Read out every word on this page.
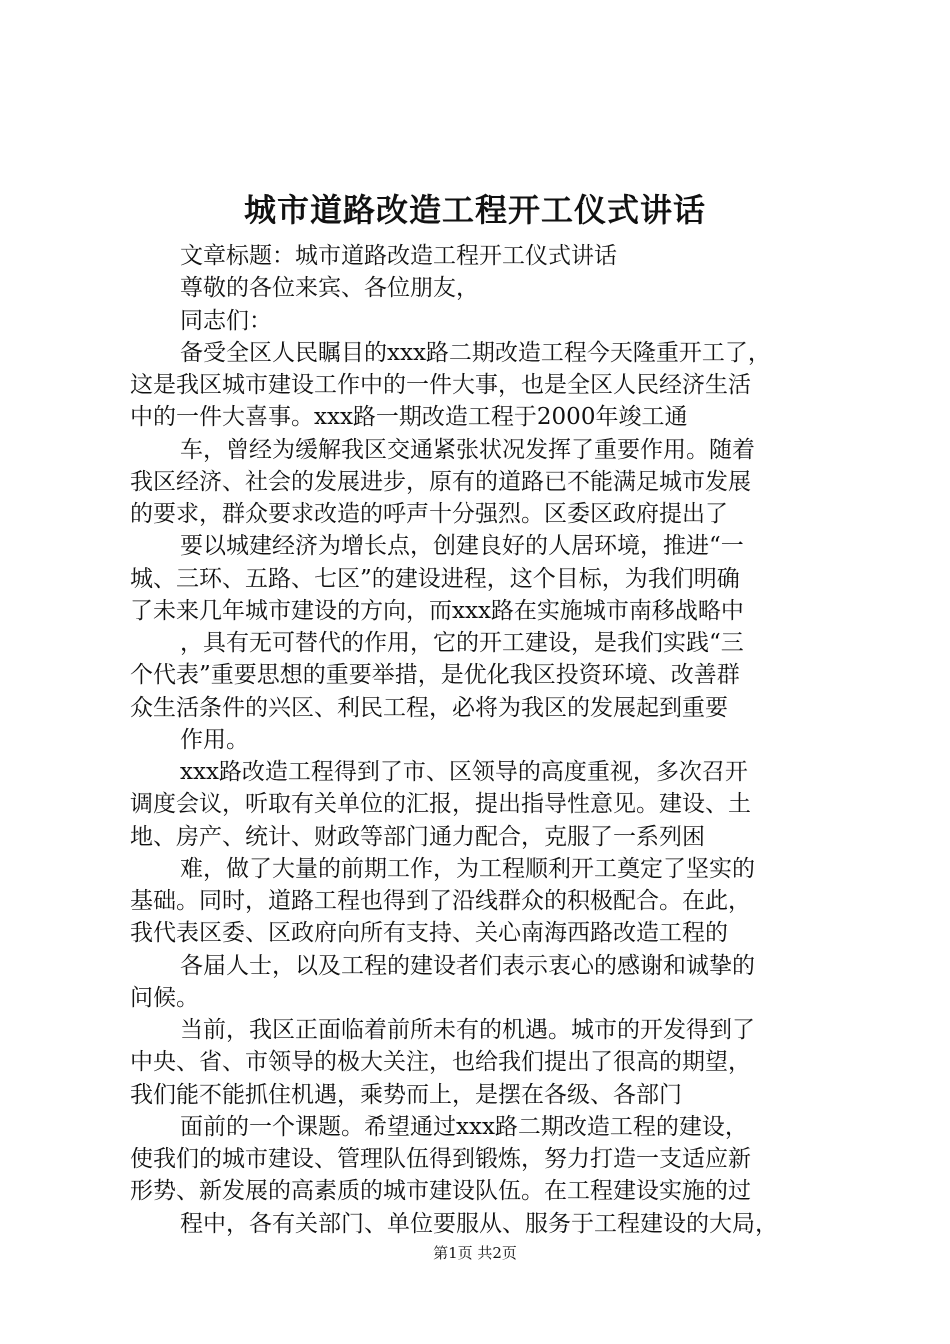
城市道路改造工程开工仪式讲话
文章标题：城市道路改造工程开工仪式讲话
尊敬的各位来宾、各位朋友，
同志们：
备受全区人民瞩目的xxx路二期改造工程今天隆重开工了，
这是我区城市建设工作中的一件大事，也是全区人民经济生活
中的一件大喜事。xxx路一期改造工程于2000年竣工通
车，曾经为缓解我区交通紧张状况发挥了重要作用。随着
我区经济、社会的发展进步，原有的道路已不能满足城市发展
的要求，群众要求改造的呼声十分强烈。区委区政府提出了
要以城建经济为增长点，创建良好的人居环境，推进“一
城、三环、五路、七区”的建设进程，这个目标，为我们明确
了未来几年城市建设的方向，而xxx路在实施城市南移战略中
，具有无可替代的作用，它的开工建设，是我们实践“三
个代表”重要思想的重要举措，是优化我区投资环境、改善群
众生活条件的兴区、利民工程，必将为我区的发展起到重要
作用。
xxx路改造工程得到了市、区领导的高度重视，多次召开
调度会议，听取有关单位的汇报，提出指导性意见。建设、土
地、房产、统计、财政等部门通力配合，克服了一系列困
难，做了大量的前期工作，为工程顺利开工奠定了坚实的
基础。同时，道路工程也得到了沿线群众的积极配合。在此，
我代表区委、区政府向所有支持、关心南海西路改造工程的
各届人士，以及工程的建设者们表示衷心的感谢和诚挚的
问候。
当前，我区正面临着前所未有的机遇。城市的开发得到了
中央、省、市领导的极大关注，也给我们提出了很高的期望，
我们能不能抓住机遇，乘势而上，是摆在各级、各部门
面前的一个课题。希望通过xxx路二期改造工程的建设，
使我们的城市建设、管理队伍得到锻炼，努力打造一支适应新
形势、新发展的高素质的城市建设队伍。在工程建设实施的过
程中，各有关部门、单位要服从、服务于工程建设的大局，
第1页 共2页
